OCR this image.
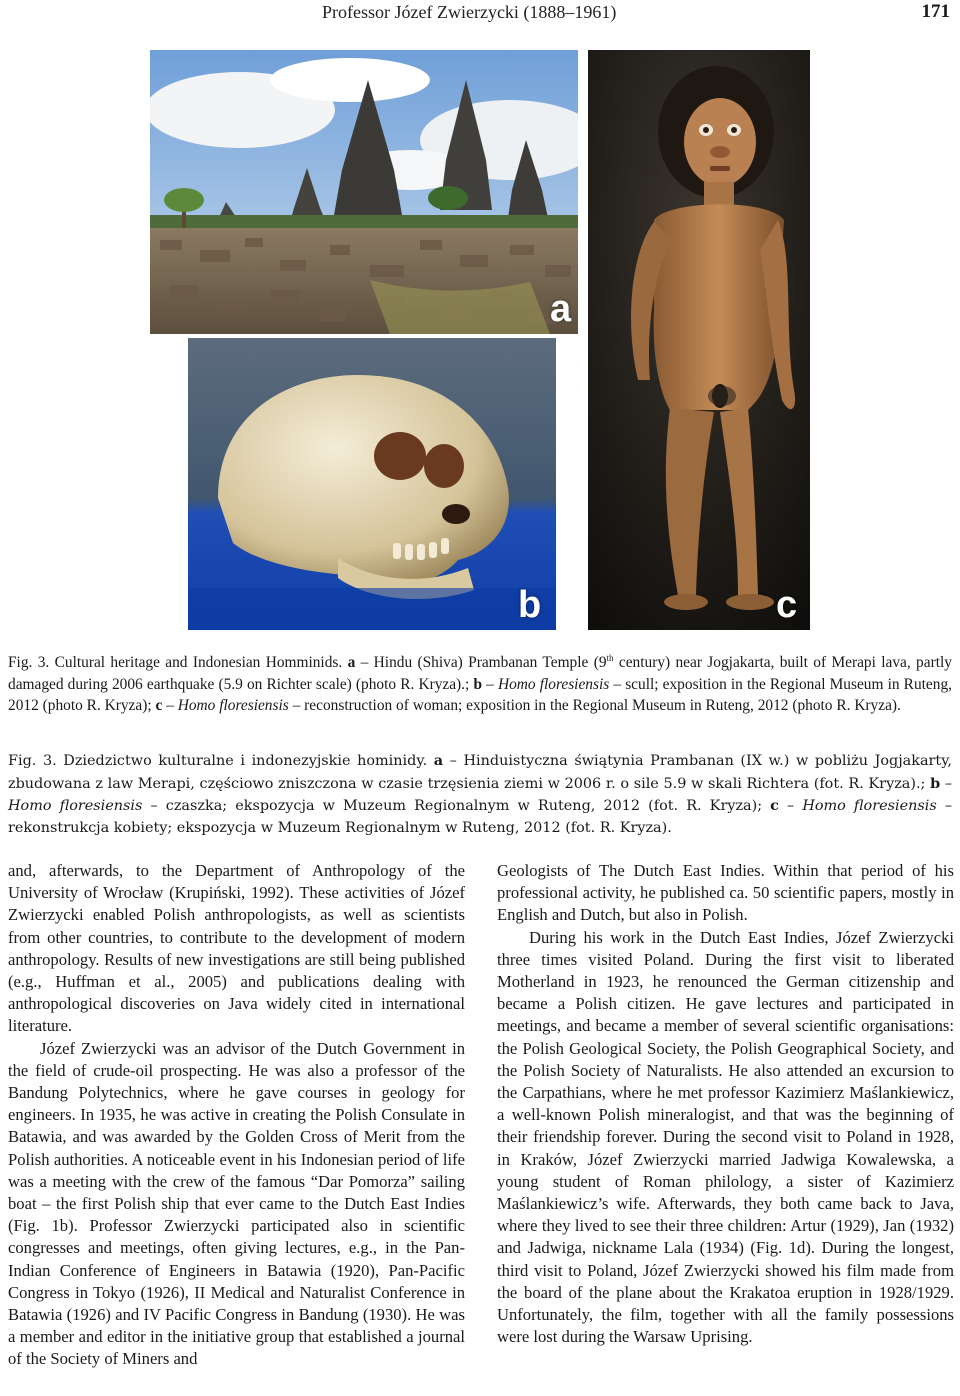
Professor Józef Zwierzycki (1888–1961)	171
a
b	c
Fig. 3. Cultural heritage and Indonesian Homminids. a – Hindu (Shiva) Prambanan Temple (9th century) near Jogjakarta, built of Merapi lava, partly damaged during 2006 earthquake (5.9 on Richter scale) (photo R. Kryza).; b – Homo floresiensis – scull; exposition in the Regional Museum in Ruteng, 2012 (photo R. Kryza); c – Homo floresiensis – reconstruction of woman; exposition in the Regional Museum in Ruteng, 2012 (photo R. Kryza).
Fig. 3. Dziedzictwo kulturalne i indonezyjskie hominidy. a – Hinduistyczna świątynia Prambanan (IX w.) w pobliżu Jogjakarty, zbudowana z law Merapi, częściowo zniszczona w czasie trzęsienia ziemi w 2006 r. o sile 5.9 w skali Richtera (fot. R. Kryza).; b – Homo floresiensis – czaszka; ekspozycja w Muzeum Regionalnym w Ruteng, 2012 (fot. R. Kryza); c – Homo floresiensis – rekonstrukcja kobiety; ekspozycja w Muzeum Regionalnym w Ruteng, 2012 (fot. R. Kryza).

and, afterwards, to the Department of Anthropology of the University of Wrocław (Krupiński, 1992). These activities of Józef Zwierzycki enabled Polish anthropologists, as well as scientists from other countries, to contribute to the development of modern anthropology. Results of new investigations are still being published (e.g., Huffman et al., 2005) and publications dealing with anthropological discoveries on Java widely cited in international literature.

Józef Zwierzycki was an advisor of the Dutch Government in the field of crude-oil prospecting. He was also a professor of the Bandung Polytechnics, where he gave courses in geology for engineers. In 1935, he was active in creating the Polish Consulate in Batawia, and was awarded by the Golden Cross of Merit from the Polish authorities. A noticeable event in his Indonesian period of life was a meeting with the crew of the famous “Dar Pomorza” sailing boat – the first Polish ship that ever came to the Dutch East Indies (Fig. 1b). Professor Zwierzycki participated also in scientific congresses and meetings, often giving lectures, e.g., in the Pan-Indian Conference of Engineers in Batawia (1920), Pan-Pacific Congress in Tokyo (1926), II Medical and Naturalist Conference in Batawia (1926) and IV Pacific Congress in Bandung (1930). He was a member and editor in the initiative group that established a journal of the Society of Miners and

Geologists of The Dutch East Indies. Within that period of his professional activity, he published ca. 50 scientific papers, mostly in English and Dutch, but also in Polish.

During his work in the Dutch East Indies, Józef Zwierzycki three times visited Poland. During the first visit to liberated Motherland in 1923, he renounced the German citizenship and became a Polish citizen. He gave lectures and participated in meetings, and became a member of several scientific organisations: the Polish Geological Society, the Polish Geographical Society, and the Polish Society of Naturalists. He also attended an excursion to the Carpathians, where he met professor Kazimierz Maślankiewicz, a well-known Polish mineralogist, and that was the beginning of their friendship forever. During the second visit to Poland in 1928, in Kraków, Józef Zwierzycki married Jadwiga Kowalewska, a young student of Roman philology, a sister of Kazimierz Maślankiewicz’s wife. Afterwards, they both came back to Java, where they lived to see their three children: Artur (1929), Jan (1932) and Jadwiga, nickname Lala (1934) (Fig. 1d). During the longest, third visit to Poland, Józef Zwierzycki showed his film made from the board of the plane about the Krakatoa eruption in 1928/1929. Unfortunately, the film, together with all the family possessions were lost during the Warsaw Uprising.
